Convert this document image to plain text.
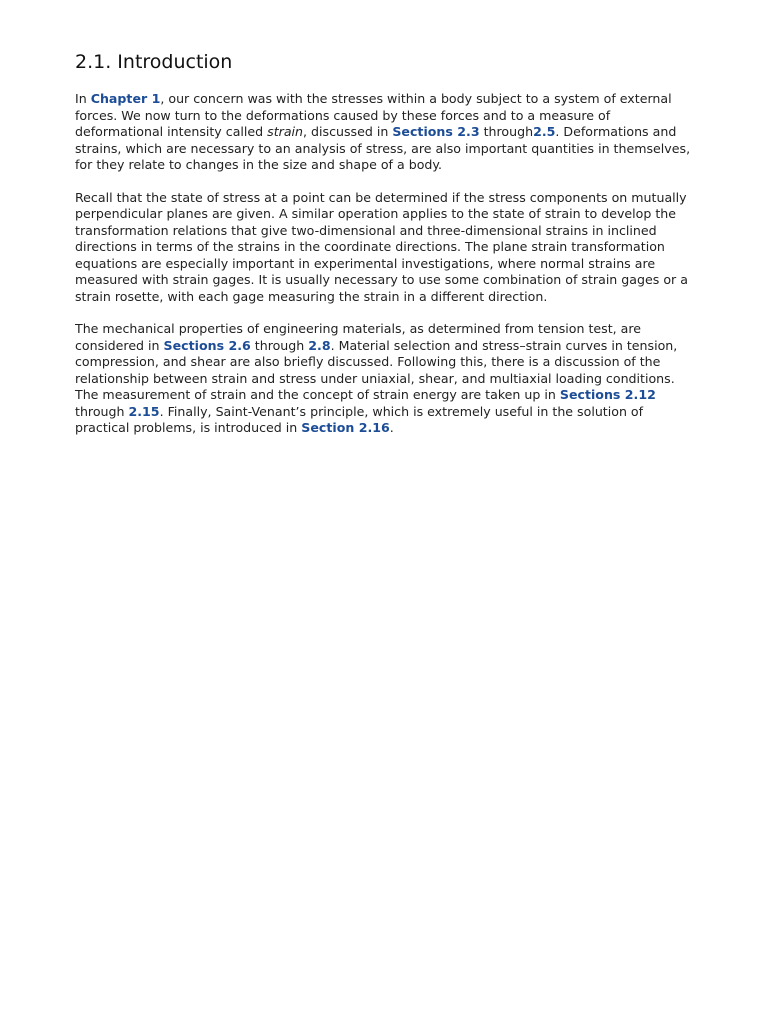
2.1. Introduction

In Chapter 1, our concern was with the stresses within a body subject to a system of external forces. We now turn to the deformations caused by these forces and to a measure of deformational intensity called strain, discussed in Sections 2.3 through2.5. Deformations and strains, which are necessary to an analysis of stress, are also important quantities in themselves, for they relate to changes in the size and shape of a body.

Recall that the state of stress at a point can be determined if the stress components on mutually perpendicular planes are given. A similar operation applies to the state of strain to develop the transformation relations that give two-dimensional and three-dimensional strains in inclined directions in terms of the strains in the coordinate directions. The plane strain transformation equations are especially important in experimental investigations, where normal strains are measured with strain gages. It is usually necessary to use some combination of strain gages or a strain rosette, with each gage measuring the strain in a different direction.

The mechanical properties of engineering materials, as determined from tension test, are considered in Sections 2.6 through 2.8. Material selection and stress–strain curves in tension, compression, and shear are also briefly discussed. Following this, there is a discussion of the relationship between strain and stress under uniaxial, shear, and multiaxial loading conditions. The measurement of strain and the concept of strain energy are taken up in Sections 2.12 through 2.15. Finally, Saint-Venant’s principle, which is extremely useful in the solution of practical problems, is introduced in Section 2.16.
